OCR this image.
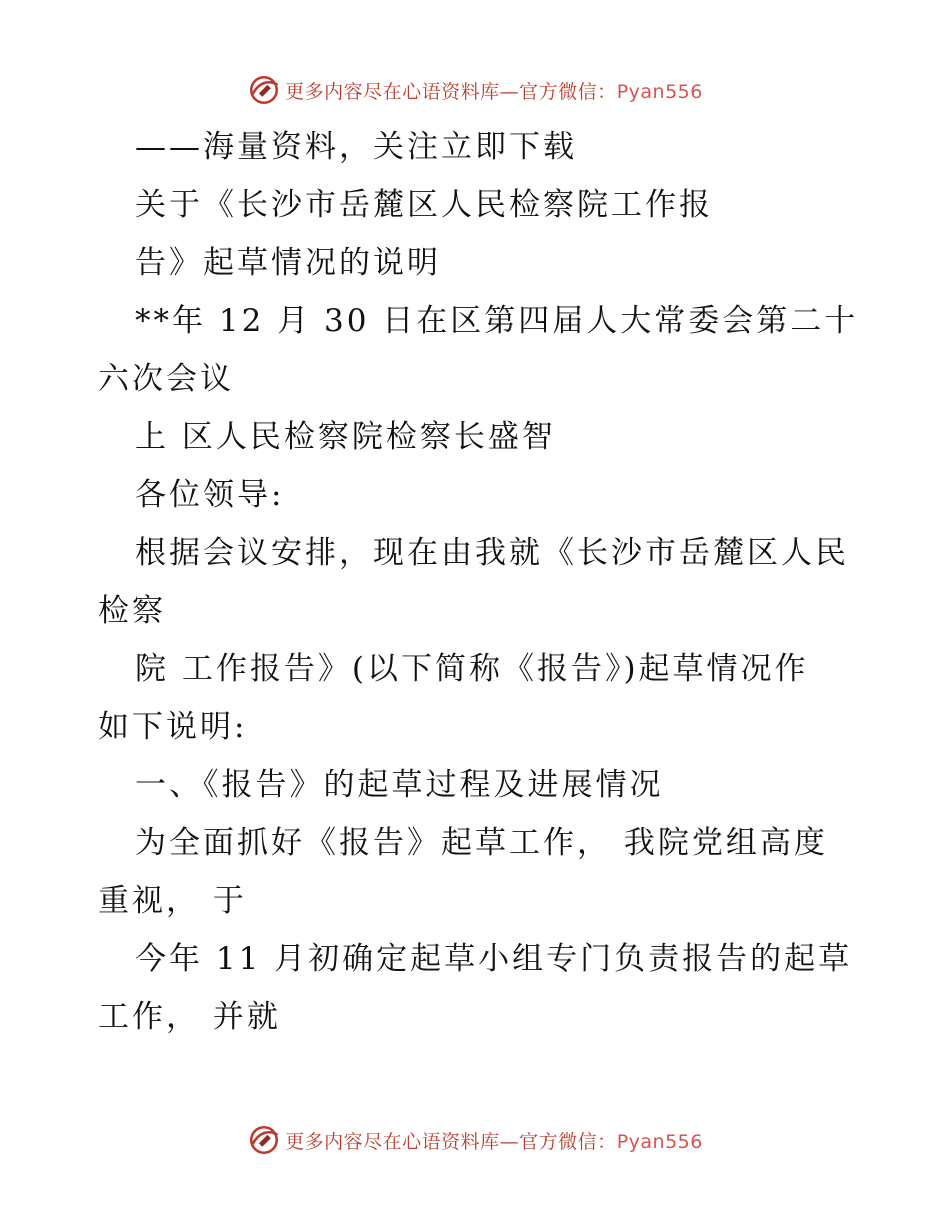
更多内容尽在心语资料库—官方微信：Pyan556
——海量资料，关注立即下载
关于《长沙市岳麓区人民检察院工作报
告》起草情况的说明
**年 12 月 30 日在区第四届人大常委会第二十
六次会议
上 区人民检察院检察长盛智
各位领导:
根据会议安排，现在由我就《长沙市岳麓区人民
检察
院 工作报告》(以下简称《报告》)起草情况作
如下说明:
一、《报告》的起草过程及进展情况
为全面抓好《报告》起草工作， 我院党组高度
重视， 于
今年 11 月初确定起草小组专门负责报告的起草
工作， 并就
更多内容尽在心语资料库—官方微信：Pyan556
